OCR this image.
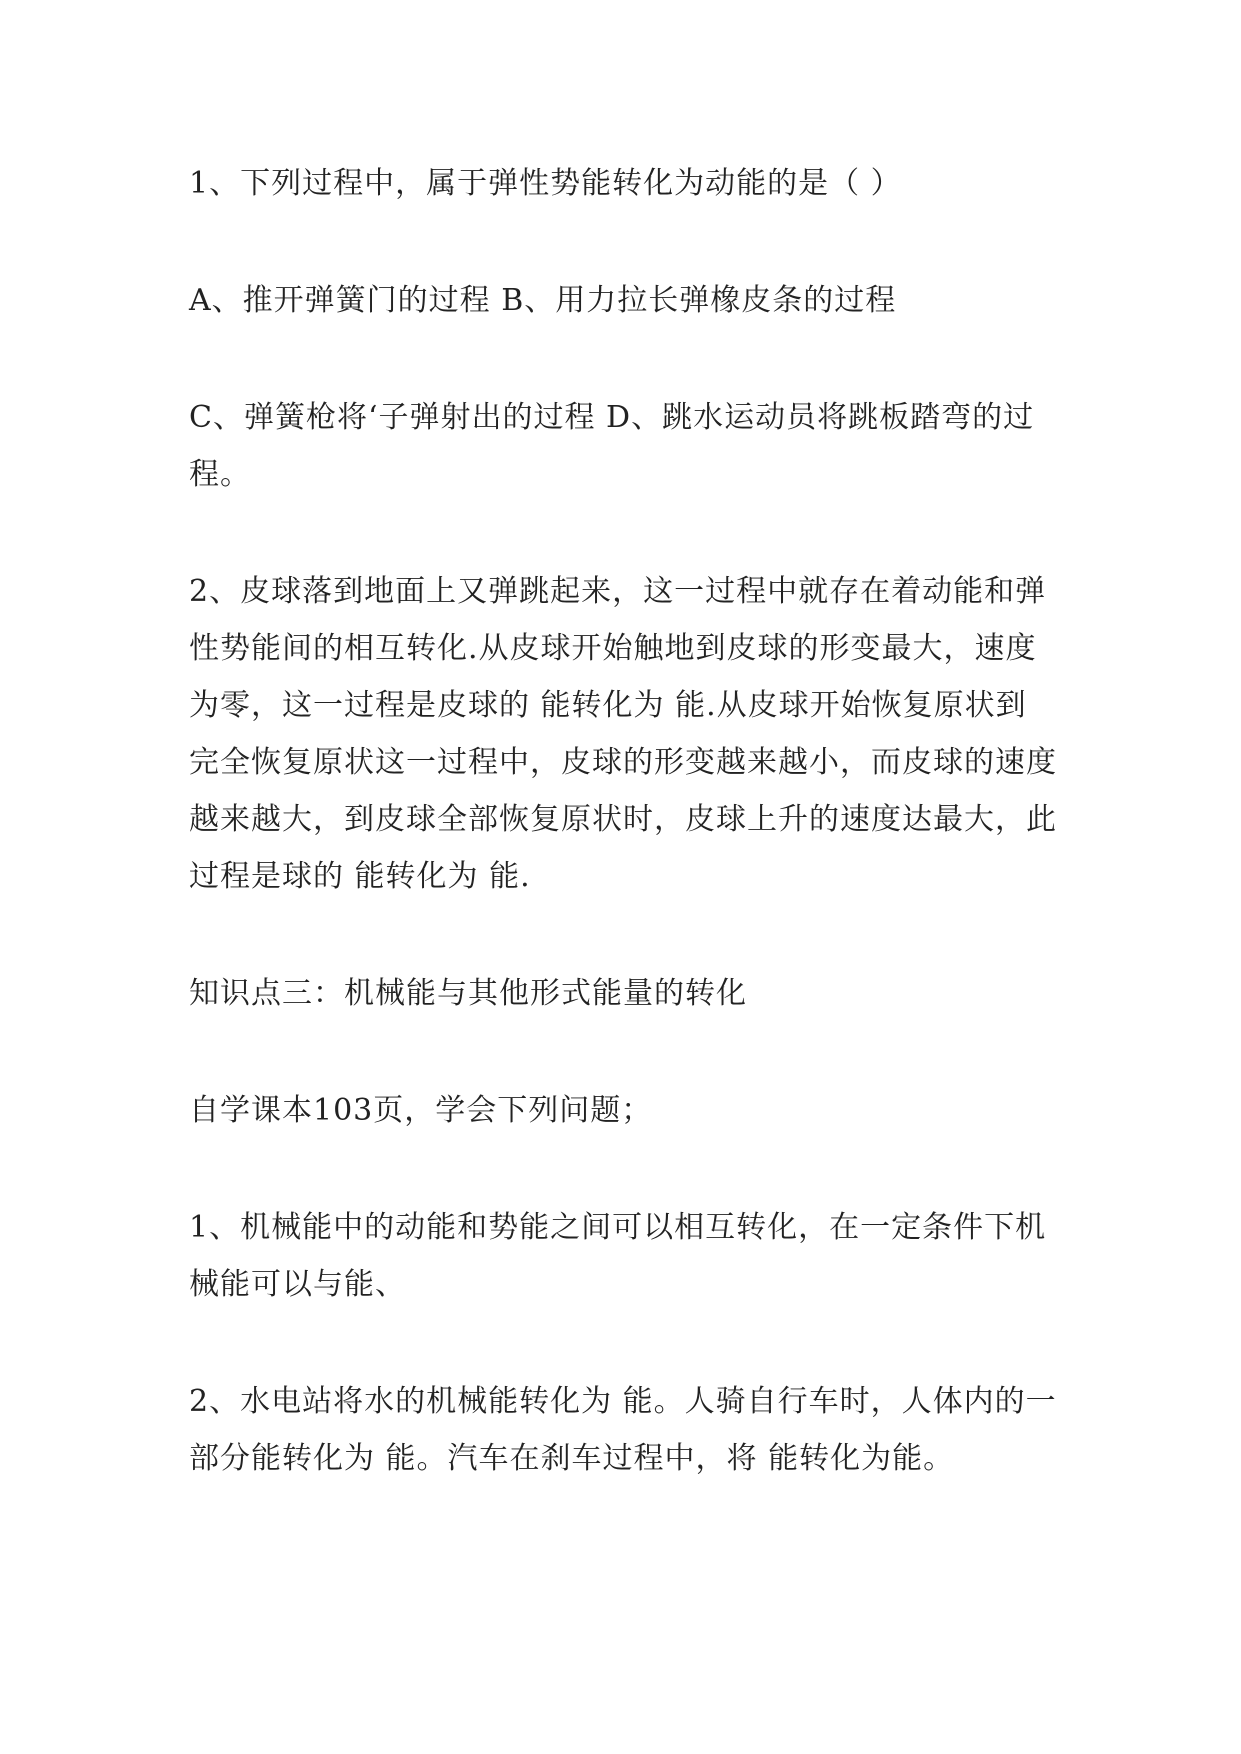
1、下列过程中，属于弹性势能转化为动能的是（ ）

A、推开弹簧门的过程 B、用力拉长弹橡皮条的过程

C、弹簧枪将‘子弹射出的过程 D、跳水运动员将跳板踏弯的过程。

2、皮球落到地面上又弹跳起来，这一过程中就存在着动能和弹性势能间的相互转化.从皮球开始触地到皮球的形变最大，速度为零，这一过程是皮球的 能转化为 能.从皮球开始恢复原状到完全恢复原状这一过程中，皮球的形变越来越小，而皮球的速度越来越大，到皮球全部恢复原状时，皮球上升的速度达最大，此过程是球的 能转化为 能.

知识点三：机械能与其他形式能量的转化

自学课本103页，学会下列问题；

1、机械能中的动能和势能之间可以相互转化，在一定条件下机械能可以与能、

2、水电站将水的机械能转化为 能。人骑自行车时，人体内的一部分能转化为 能。汽车在刹车过程中，将 能转化为能。
